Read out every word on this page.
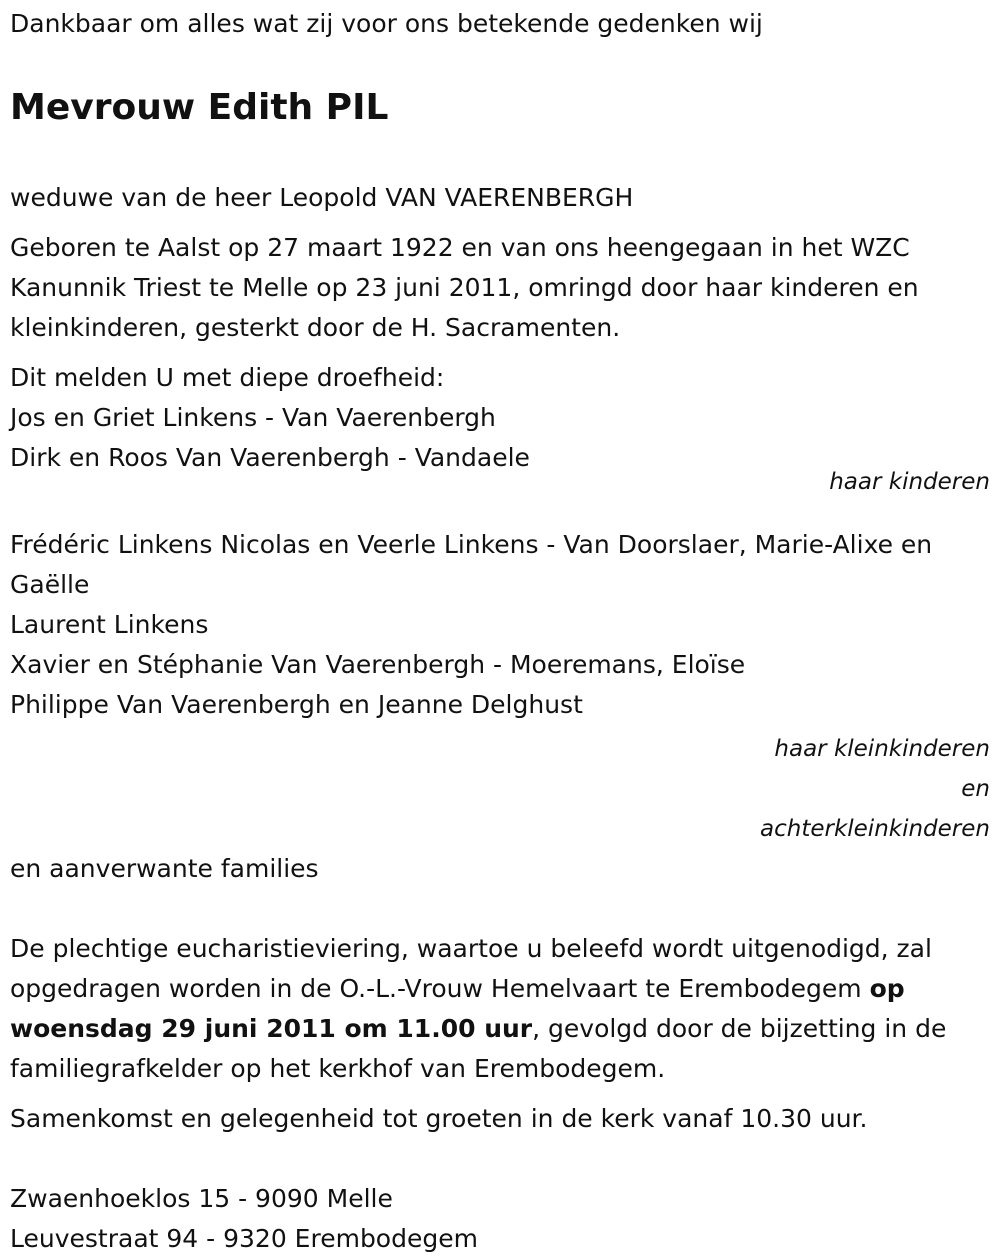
Dankbaar om alles wat zij voor ons betekende gedenken wij

Mevrouw Edith PIL

weduwe van de heer Leopold VAN VAERENBERGH

Geboren te Aalst op 27 maart 1922 en van ons heengegaan in het WZC Kanunnik Triest te Melle op 23 juni 2011, omringd door haar kinderen en kleinkinderen, gesterkt door de H. Sacramenten.

Dit melden U met diepe droefheid:

Jos en Griet Linkens - Van Vaerenbergh

Dirk en Roos Van Vaerenbergh - Vandaele

haar kinderen

Frédéric Linkens Nicolas en Veerle Linkens - Van Doorslaer, Marie-Alixe en Gaëlle

Laurent Linkens

Xavier en Stéphanie Van Vaerenbergh - Moeremans, Eloïse

Philippe Van Vaerenbergh en Jeanne Delghust

haar kleinkinderen

en

achterkleinkinderen

en aanverwante families

De plechtige eucharistieviering, waartoe u beleefd wordt uitgenodigd, zal opgedragen worden in de O.-L.-Vrouw Hemelvaart te Erembodegem op woensdag 29 juni 2011 om 11.00 uur, gevolgd door de bijzetting in de familiegrafkelder op het kerkhof van Erembodegem.

Samenkomst en gelegenheid tot groeten in de kerk vanaf 10.30 uur.

Zwaenhoeklos 15 - 9090 Melle

Leuvestraat 94 - 9320 Erembodegem
